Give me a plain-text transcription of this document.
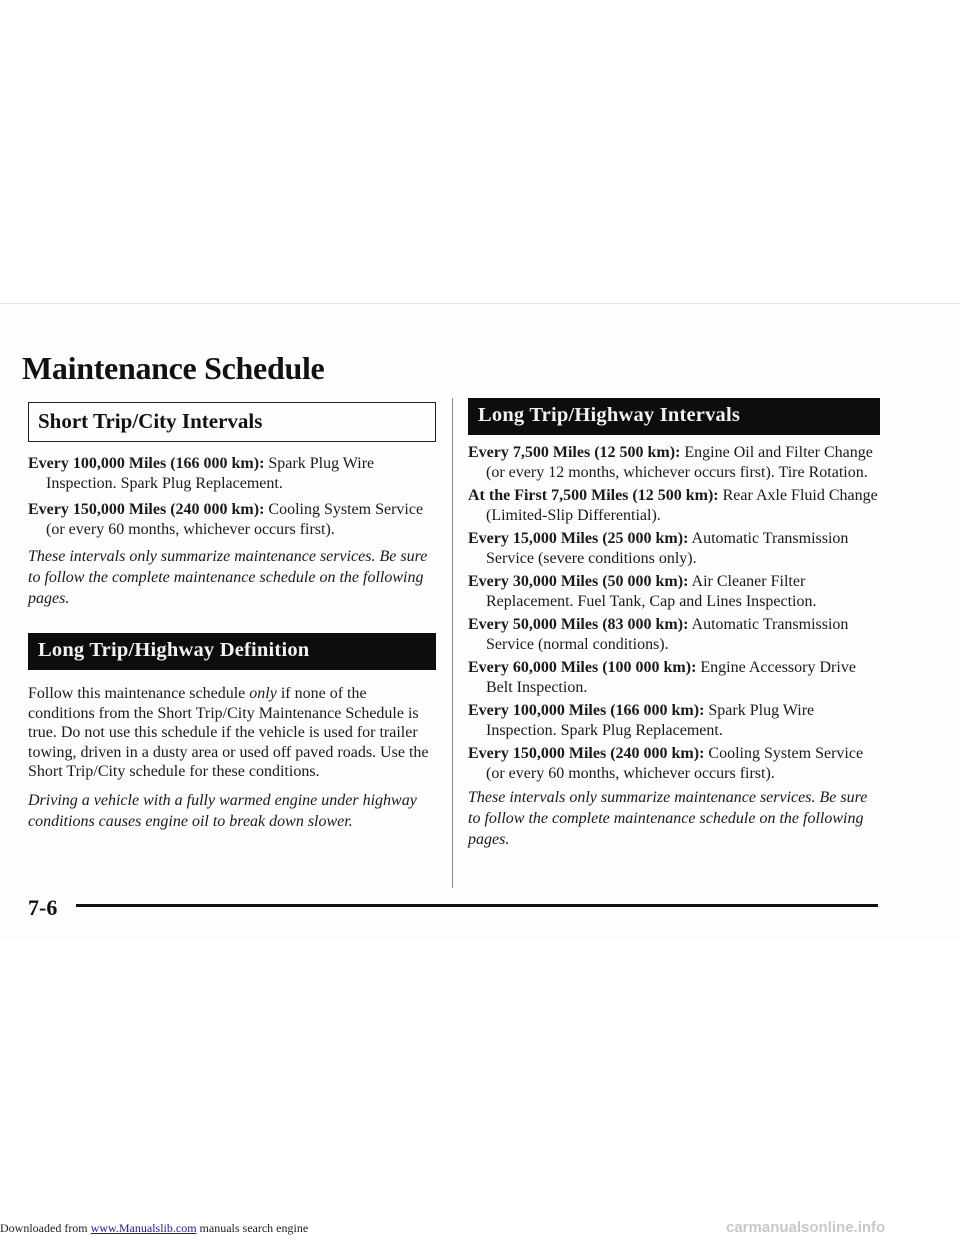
Maintenance Schedule
Short Trip/City Intervals

Every 100,000 Miles (166 000 km): Spark Plug Wire Inspection. Spark Plug Replacement.

Every 150,000 Miles (240 000 km): Cooling System Service (or every 60 months, whichever occurs first).

These intervals only summarize maintenance services. Be sure to follow the complete maintenance schedule on the following pages.

Long Trip/Highway Definition

Follow this maintenance schedule only if none of the conditions from the Short Trip/City Maintenance Schedule is true. Do not use this schedule if the vehicle is used for trailer towing, driven in a dusty area or used off paved roads. Use the Short Trip/City schedule for these conditions.

Driving a vehicle with a fully warmed engine under highway conditions causes engine oil to break down slower.

Long Trip/Highway Intervals

Every 7,500 Miles (12 500 km): Engine Oil and Filter Change (or every 12 months, whichever occurs first). Tire Rotation.

At the First 7,500 Miles (12 500 km): Rear Axle Fluid Change (Limited-Slip Differential).

Every 15,000 Miles (25 000 km): Automatic Transmission Service (severe conditions only).

Every 30,000 Miles (50 000 km): Air Cleaner Filter Replacement. Fuel Tank, Cap and Lines Inspection.

Every 50,000 Miles (83 000 km): Automatic Transmission Service (normal conditions).

Every 60,000 Miles (100 000 km): Engine Accessory Drive Belt Inspection.

Every 100,000 Miles (166 000 km): Spark Plug Wire Inspection. Spark Plug Replacement.

Every 150,000 Miles (240 000 km): Cooling System Service (or every 60 months, whichever occurs first).

These intervals only summarize maintenance services. Be sure to follow the complete maintenance schedule on the following pages.

7-6

Downloaded from www.Manualslib.com manuals search engine	carmanualsonline.info
